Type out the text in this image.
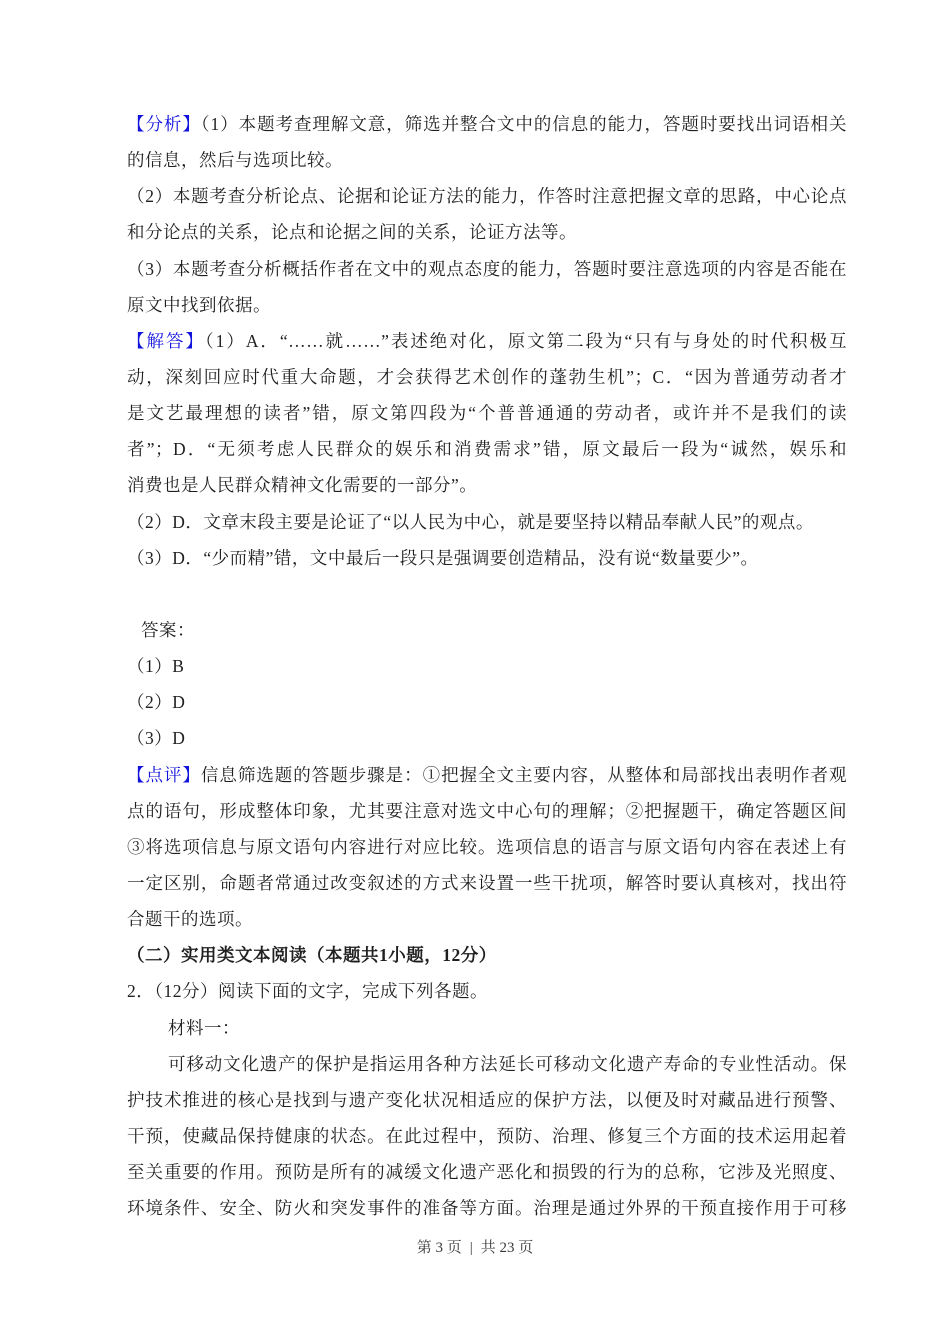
【分析】（1）本题考查理解文意，筛选并整合文中的信息的能力，答题时要找出词语相关
的信息，然后与选项比较。
（2）本题考查分析论点、论据和论证方法的能力，作答时注意把握文章的思路，中心论点
和分论点的关系，论点和论据之间的关系，论证方法等。
（3）本题考查分析概括作者在文中的观点态度的能力，答题时要注意选项的内容是否能在
原文中找到依据。
【解答】（1）A．“……就……”表述绝对化，原文第二段为“只有与身处的时代积极互
动，深刻回应时代重大命题，才会获得艺术创作的蓬勃生机”；C．“因为普通劳动者才
是文艺最理想的读者”错，原文第四段为“个普普通通的劳动者，或许并不是我们的读
者”；D．“无须考虑人民群众的娱乐和消费需求”错，原文最后一段为“诚然，娱乐和
消费也是人民群众精神文化需要的一部分”。
（2）D．文章末段主要是论证了“以人民为中心，就是要坚持以精品奉献人民”的观点。
（3）D．“少而精”错，文中最后一段只是强调要创造精品，没有说“数量要少”。
答案：
（1）B
（2）D
（3）D
【点评】信息筛选题的答题步骤是：①把握全文主要内容，从整体和局部找出表明作者观
点的语句，形成整体印象，尤其要注意对选文中心句的理解；②把握题干，确定答题区间
③将选项信息与原文语句内容进行对应比较。选项信息的语言与原文语句内容在表述上有
一定区别，命题者常通过改变叙述的方式来设置一些干扰项，解答时要认真核对，找出符
合题干的选项。
（二）实用类文本阅读（本题共1小题，12分）
2．（12分）阅读下面的文字，完成下列各题。
材料一：
可移动文化遗产的保护是指运用各种方法延长可移动文化遗产寿命的专业性活动。保
护技术推进的核心是找到与遗产变化状况相适应的保护方法，以便及时对藏品进行预警、
干预，使藏品保持健康的状态。在此过程中，预防、治理、修复三个方面的技术运用起着
至关重要的作用。预防是所有的减缓文化遗产恶化和损毁的行为的总称，它涉及光照度、
环境条件、安全、防火和突发事件的准备等方面。治理是通过外界的干预直接作用于可移
第 3 页 | 共 23 页
